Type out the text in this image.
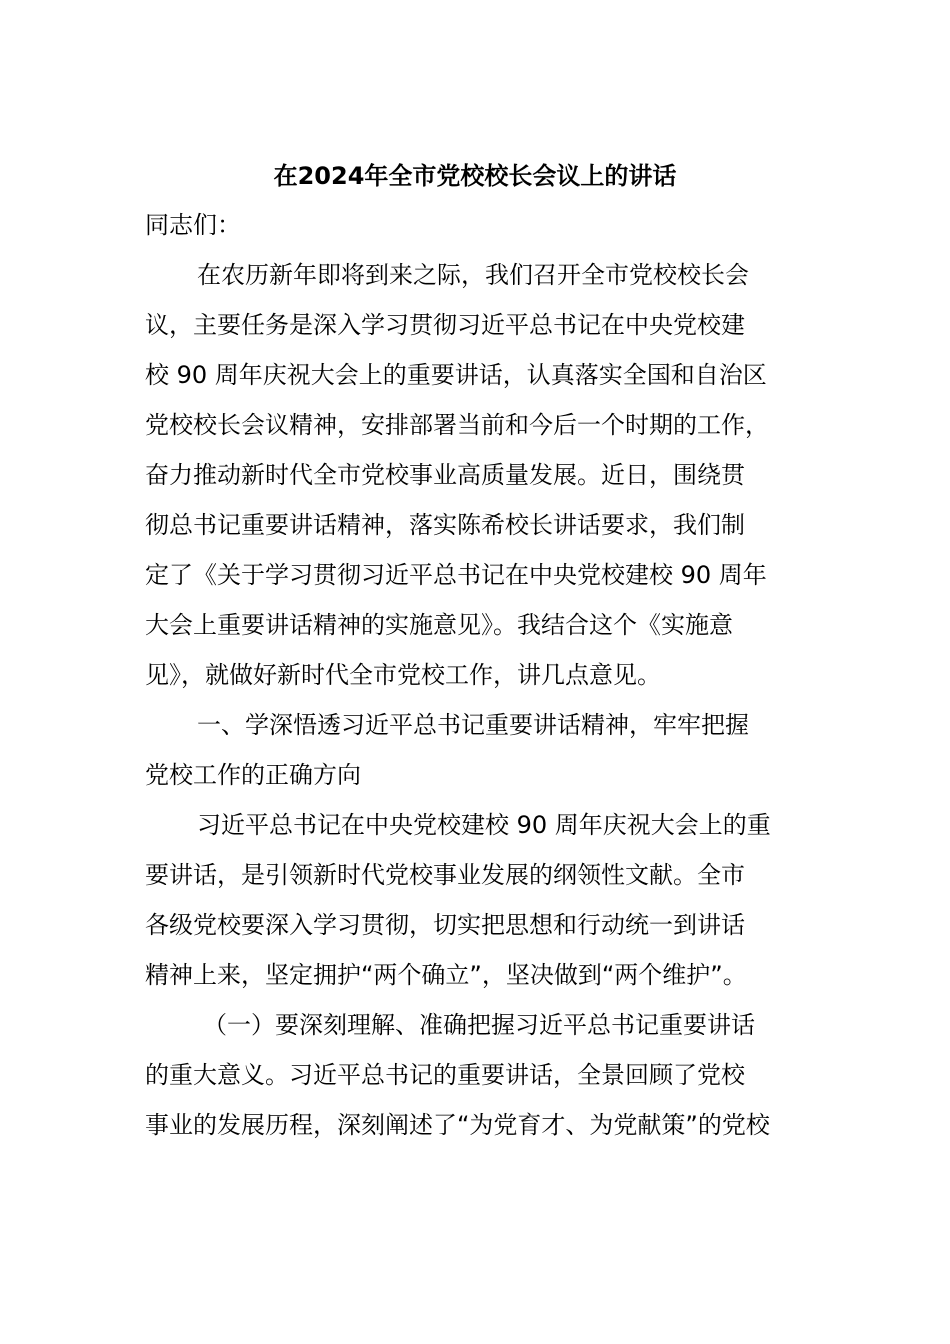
在2024年全市党校校长会议上的讲话
同志们：
在农历新年即将到来之际，我们召开全市党校校长会
议，主要任务是深入学习贯彻习近平总书记在中央党校建
校 90 周年庆祝大会上的重要讲话，认真落实全国和自治区
党校校长会议精神，安排部署当前和今后一个时期的工作，
奋力推动新时代全市党校事业高质量发展。近日，围绕贯
彻总书记重要讲话精神，落实陈希校长讲话要求，我们制
定了《关于学习贯彻习近平总书记在中央党校建校 90 周年
大会上重要讲话精神的实施意见》。我结合这个《实施意
见》，就做好新时代全市党校工作，讲几点意见。
一、学深悟透习近平总书记重要讲话精神，牢牢把握
党校工作的正确方向
习近平总书记在中央党校建校 90 周年庆祝大会上的重
要讲话，是引领新时代党校事业发展的纲领性文献。全市
各级党校要深入学习贯彻，切实把思想和行动统一到讲话
精神上来，坚定拥护“两个确立”，坚决做到“两个维护”。
（一）要深刻理解、准确把握习近平总书记重要讲话
的重大意义。习近平总书记的重要讲话，全景回顾了党校
事业的发展历程，深刻阐述了“为党育才、为党献策”的党校
